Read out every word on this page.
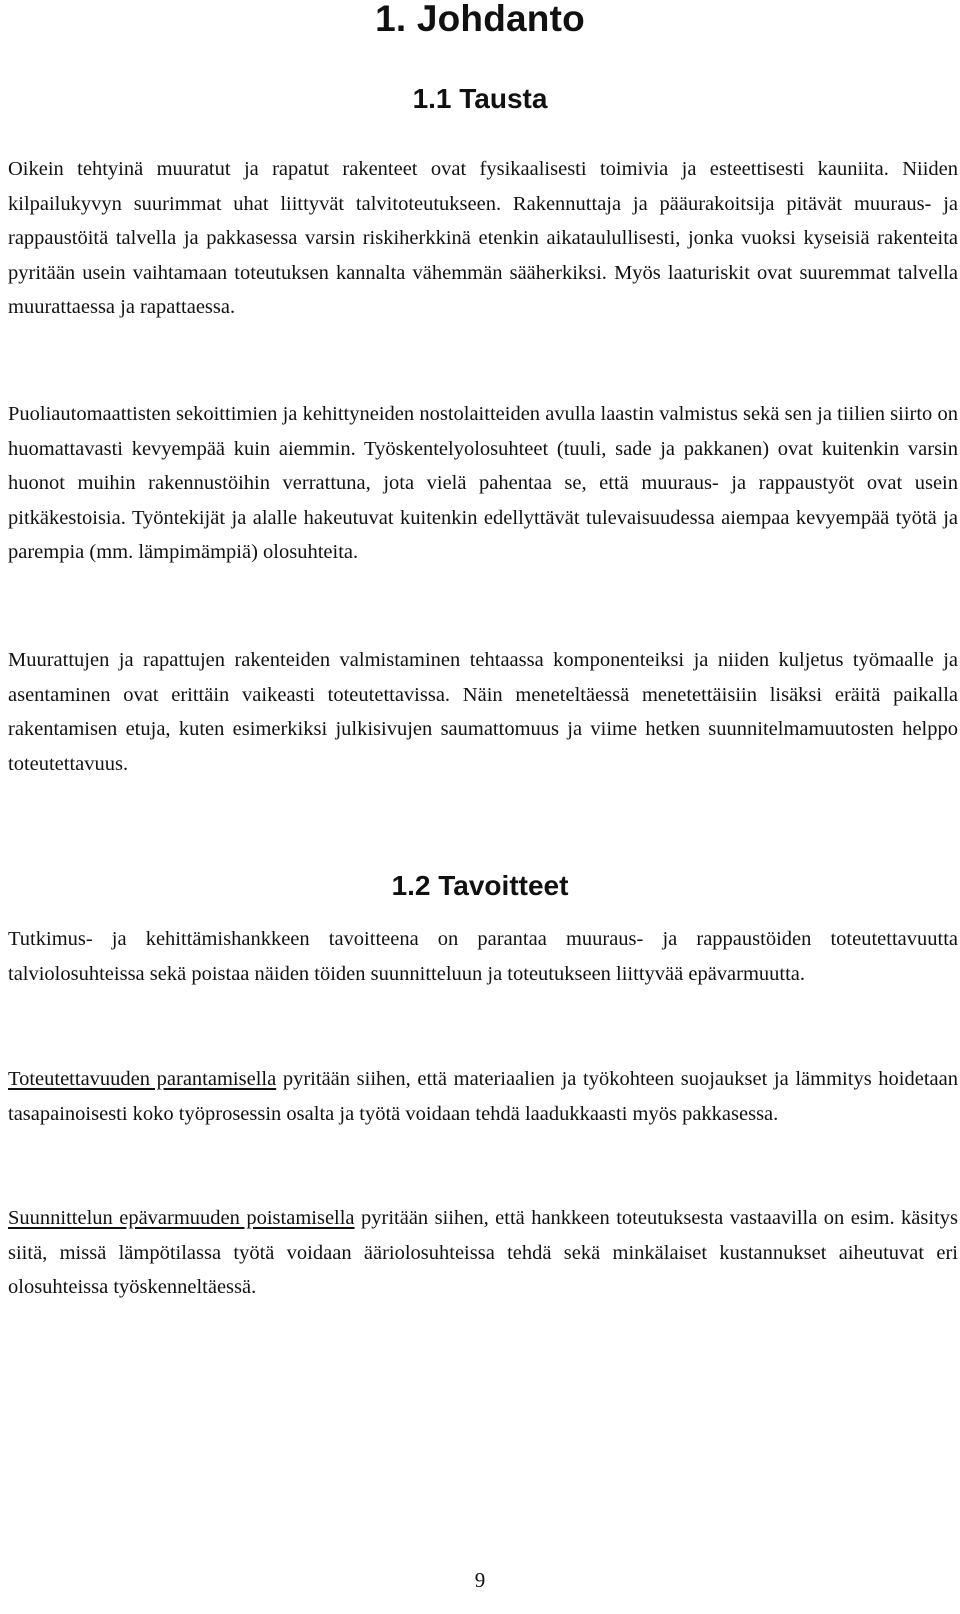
1. Johdanto
1.1 Tausta

Oikein tehtyinä muuratut ja rapatut rakenteet ovat fysikaalisesti toimivia ja esteettisesti kauniita. Niiden kilpailukyvyn suurimmat uhat liittyvät talvitoteutukseen. Rakennuttaja ja pääurakoitsija pitävät muuraus- ja rappaustöitä talvella ja pakkasessa varsin riskiherkkinä etenkin aikataulullisesti, jonka vuoksi kyseisiä rakenteita pyritään usein vaihtamaan toteutuksen kannalta vähemmän sääherkiksi. Myös laaturiskit ovat suuremmat talvella muurattaessa ja rapattaessa.

Puoliautomaattisten sekoittimien ja kehittyneiden nostolaitteiden avulla laastin valmistus sekä sen ja tiilien siirto on huomattavasti kevyempää kuin aiemmin. Työskentelyolosuhteet (tuuli, sade ja pakkanen) ovat kuitenkin varsin huonot muihin rakennustöihin verrattuna, jota vielä pahentaa se, että muuraus- ja rappaustyöt ovat usein pitkäkestoisia. Työntekijät ja alalle hakeutuvat kuitenkin edellyttävät tulevaisuudessa aiempaa kevyempää työtä ja parempia (mm. lämpimämpiä) olosuhteita.

Muurattujen ja rapattujen rakenteiden valmistaminen tehtaassa komponenteiksi ja niiden kuljetus työmaalle ja asentaminen ovat erittäin vaikeasti toteutettavissa. Näin meneteltäessä menetettäisiin lisäksi eräitä paikalla rakentamisen etuja, kuten esimerkiksi julkisivujen saumattomuus ja viime hetken suunnitelmamuutosten helppo toteutettavuus.

1.2 Tavoitteet

Tutkimus- ja kehittämishankkeen tavoitteena on parantaa muuraus- ja rappaustöiden toteutettavuutta talviolosuhteissa sekä poistaa näiden töiden suunnitteluun ja toteutukseen liittyvää epävarmuutta.

Toteutettavuuden parantamisella pyritään siihen, että materiaalien ja työkohteen suojaukset ja lämmitys hoidetaan tasapainoisesti koko työprosessin osalta ja työtä voidaan tehdä laadukkaasti myös pakkasessa.

Suunnittelun epävarmuuden poistamisella pyritään siihen, että hankkeen toteutuksesta vastaavilla on esim. käsitys siitä, missä lämpötilassa työtä voidaan ääriolosuhteissa tehdä sekä minkälaiset kustannukset aiheutuvat eri olosuhteissa työskenneltäessä.

9
